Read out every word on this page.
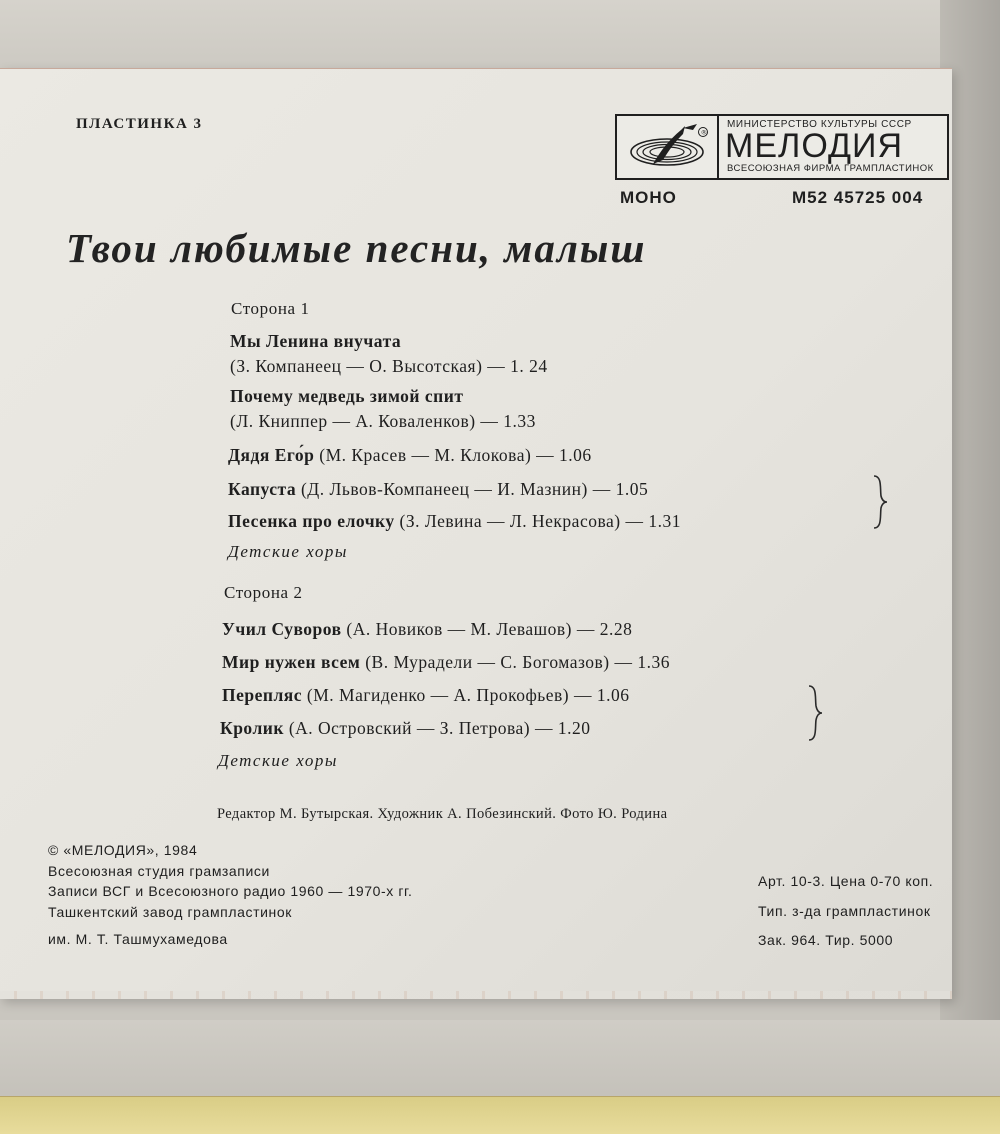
ПЛАСТИНКА 3
®
МИНИСТЕРСТВО КУЛЬТУРЫ СССР
МЕЛОДИЯ
ВСЕСОЮЗНАЯ ФИРМА ГРАМПЛАСТИНОК
МОНО	М52 45725 004
Твои любимые песни, малыш
Сторона 1
Мы Ленина внучата
(З. Компанеец — О. Высотская) — 1. 24
Почему медведь зимой спит
(Л. Книппер — А. Коваленков) — 1.33
Дядя Его́р (М. Красев — М. Клокова) — 1.06
Капуста (Д. Львов-Компанеец — И. Мазнин) — 1.05
Песенка про елочку (З. Левина — Л. Некрасова) — 1.31
Детские хоры
Сторона 2
Учил Суворов (А. Новиков — М. Левашов) — 2.28
Мир нужен всем (В. Мурадели — С. Богомазов) — 1.36
Перепляс (М. Магиденко — А. Прокофьев) — 1.06
Кролик (А. Островский — З. Петрова) — 1.20
Детские хоры
Редактор М. Бутырская. Художник А. Побезинский. Фото Ю. Родина
© «МЕЛОДИЯ», 1984
Всесоюзная студия грамзаписи
Записи ВСГ и Всесоюзного радио 1960 — 1970-х гг.
Ташкентский завод грампластинок
им. М. Т. Ташмухамедова
Арт. 10-3. Цена 0-70 коп.
Тип. з-да грампластинок
Зак. 964. Тир. 5000
